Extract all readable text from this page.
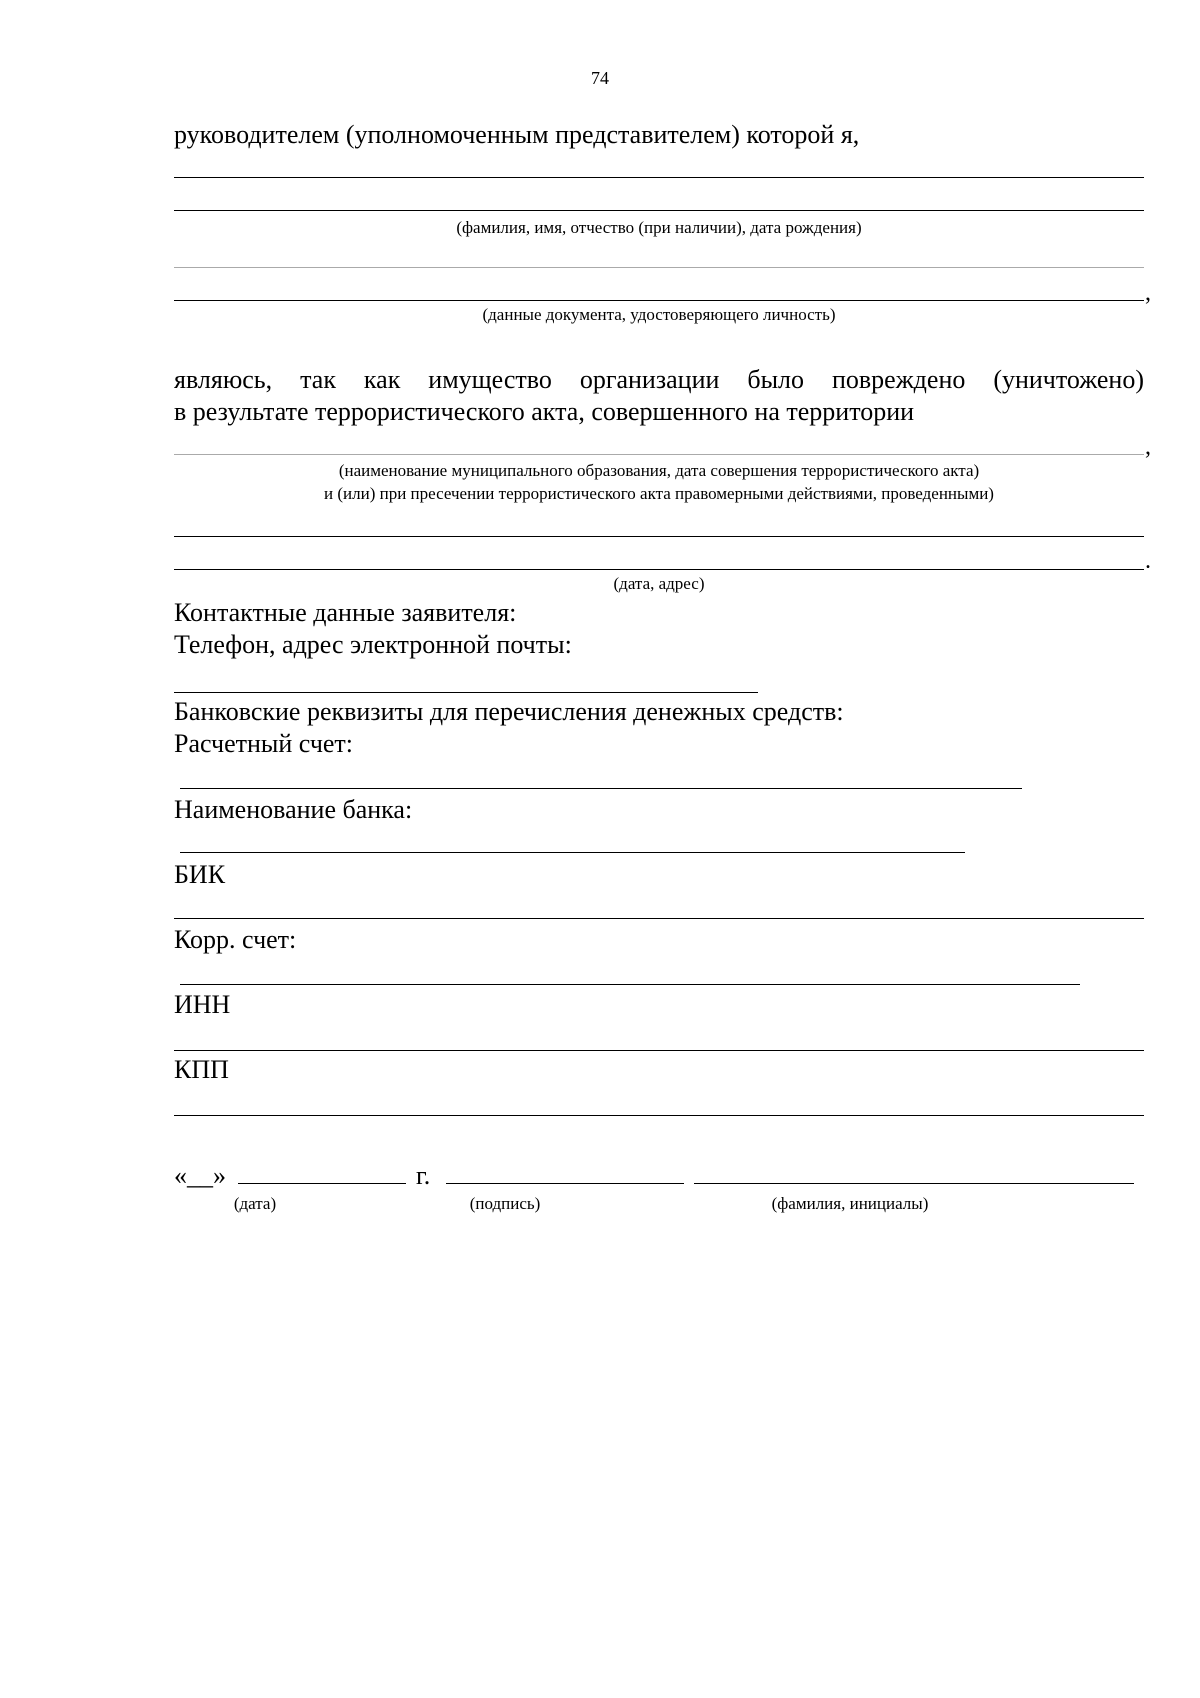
74
руководителем (уполномоченным представителем) которой я,
(фамилия, имя, отчество (при наличии), дата рождения)
,
(данные документа, удостоверяющего личность)
являюсь, так как имущество организации было повреждено (уничтожено)
в результате террористического акта, совершенного на территории
,
(наименование муниципального образования, дата совершения террористического акта)
и (или) при пресечении террористического акта правомерными действиями, проведенными)
.
(дата, адрес)
Контактные данные заявителя:
Телефон, адрес электронной почты:
Банковские реквизиты для перечисления денежных средств:
Расчетный счет:
Наименование банка:
БИК
Корр. счет:
ИНН
КПП
«__»	г.
(дата)	(подпись)	(фамилия, инициалы)
